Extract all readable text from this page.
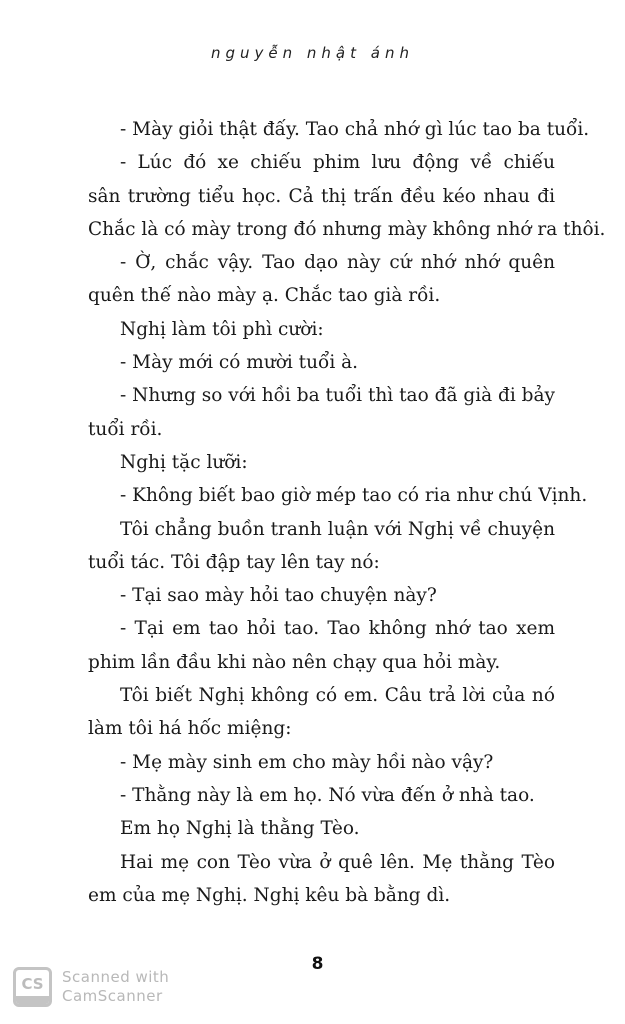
nguyễn nhật ánh
- Mày giỏi thật đấy. Tao chả nhớ gì lúc tao ba tuổi.
- Lúc đó xe chiếu phim lưu động về chiếu
sân trường tiểu học. Cả thị trấn đều kéo nhau đi
Chắc là có mày trong đó nhưng mày không nhớ ra thôi.
- Ờ, chắc vậy. Tao dạo này cứ nhớ nhớ quên
quên thế nào mày ạ. Chắc tao già rồi.
Nghị làm tôi phì cười:
- Mày mới có mười tuổi à.
- Nhưng so với hồi ba tuổi thì tao đã già đi bảy
tuổi rồi.
Nghị tặc lưỡi:
- Không biết bao giờ mép tao có ria như chú Vịnh.
Tôi chẳng buồn tranh luận với Nghị về chuyện
tuổi tác. Tôi đập tay lên tay nó:
- Tại sao mày hỏi tao chuyện này?
- Tại em tao hỏi tao. Tao không nhớ tao xem
phim lần đầu khi nào nên chạy qua hỏi mày.
Tôi biết Nghị không có em. Câu trả lời của nó
làm tôi há hốc miệng:
- Mẹ mày sinh em cho mày hồi nào vậy?
- Thằng này là em họ. Nó vừa đến ở nhà tao.
Em họ Nghị là thằng Tèo.
Hai mẹ con Tèo vừa ở quê lên. Mẹ thằng Tèo
em của mẹ Nghị. Nghị kêu bà bằng dì.
8
CS	Scanned with
CamScanner
